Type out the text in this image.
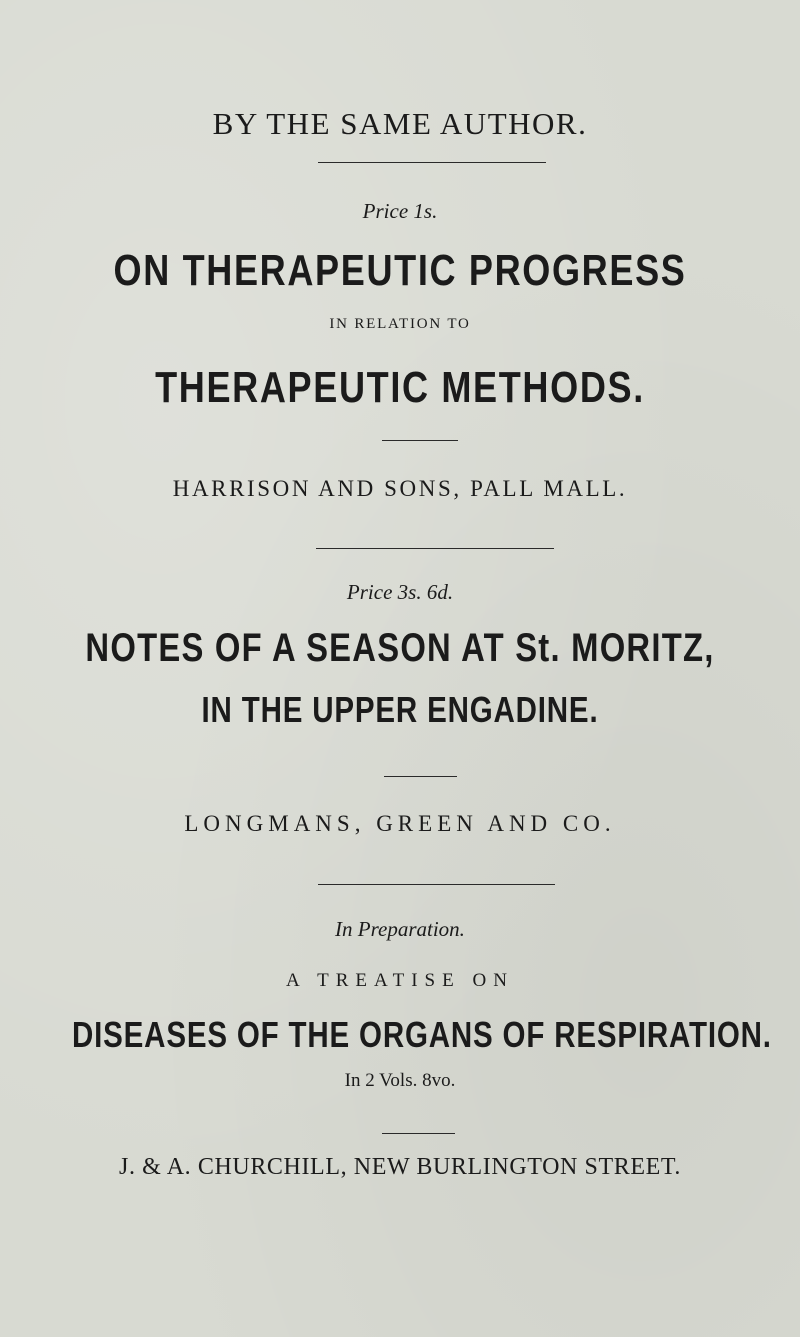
BY THE SAME AUTHOR.
Price 1s.
ON THERAPEUTIC PROGRESS
IN RELATION TO
THERAPEUTIC METHODS.
HARRISON AND SONS, PALL MALL.
Price 3s. 6d.
NOTES OF A SEASON AT St. MORITZ,
IN THE UPPER ENGADINE.
LONGMANS, GREEN AND CO.
In Preparation.
A TREATISE ON
DISEASES OF THE ORGANS OF RESPIRATION.
In 2 Vols. 8vo.
J. & A. CHURCHILL, NEW BURLINGTON STREET.
